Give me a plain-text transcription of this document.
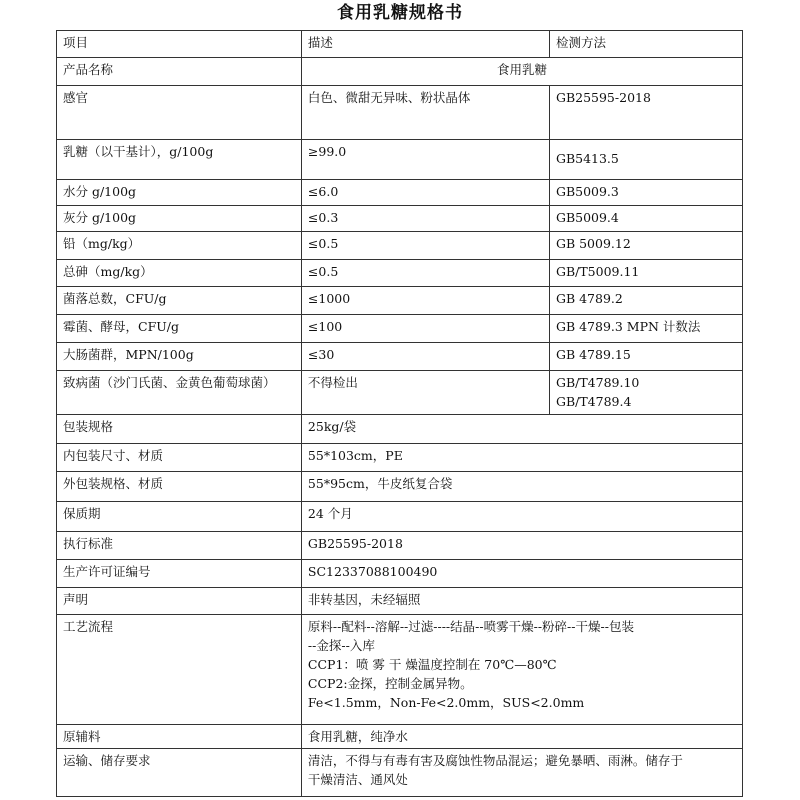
食用乳糖规格书
项目	描述	检测方法
产品名称	食用乳糖	
感官	白色、微甜无异味、粉状晶体	GB25595-2018
乳糖（以干基计），g/100g	≥99.0	GB5413.5
水分 g/100g	≤6.0	GB5009.3
灰分 g/100g	≤0.3	GB5009.4
铅（mg/kg）	≤0.5	GB 5009.12
总砷（mg/kg）	≤0.5	GB/T5009.11
菌落总数，CFU/g	≤1000	GB 4789.2
霉菌、酵母，CFU/g	≤100	GB 4789.3 MPN 计数法
大肠菌群，MPN/100g	≤30	GB 4789.15
致病菌（沙门氏菌、金黄色葡萄球菌）	不得检出	GB/T4789.10
GB/T4789.4

包装规格	25kg/袋	
内包装尺寸、材质	55*103cm，PE	
外包装规格、材质	55*95cm，牛皮纸复合袋	
保质期	24 个月	
执行标准	GB25595-2018	
生产许可证编号	SC12337088100490	
声明	非转基因，未经辐照	
工艺流程	原料--配料--溶解--过滤----结晶--喷雾干燥--粉碎--干燥--包装
--金探--入库
CCP1：喷 雾 干 燥温度控制在 70℃—80℃
CCP2:金探，控制金属异物。
Fe<1.5mm，Non-Fe<2.0mm，SUS<2.0mm	

原辅料	食用乳糖，纯净水	
运输、储存要求	清洁，不得与有毒有害及腐蚀性物品混运；避免暴晒、雨淋。储存于
干燥清洁、通风处	
